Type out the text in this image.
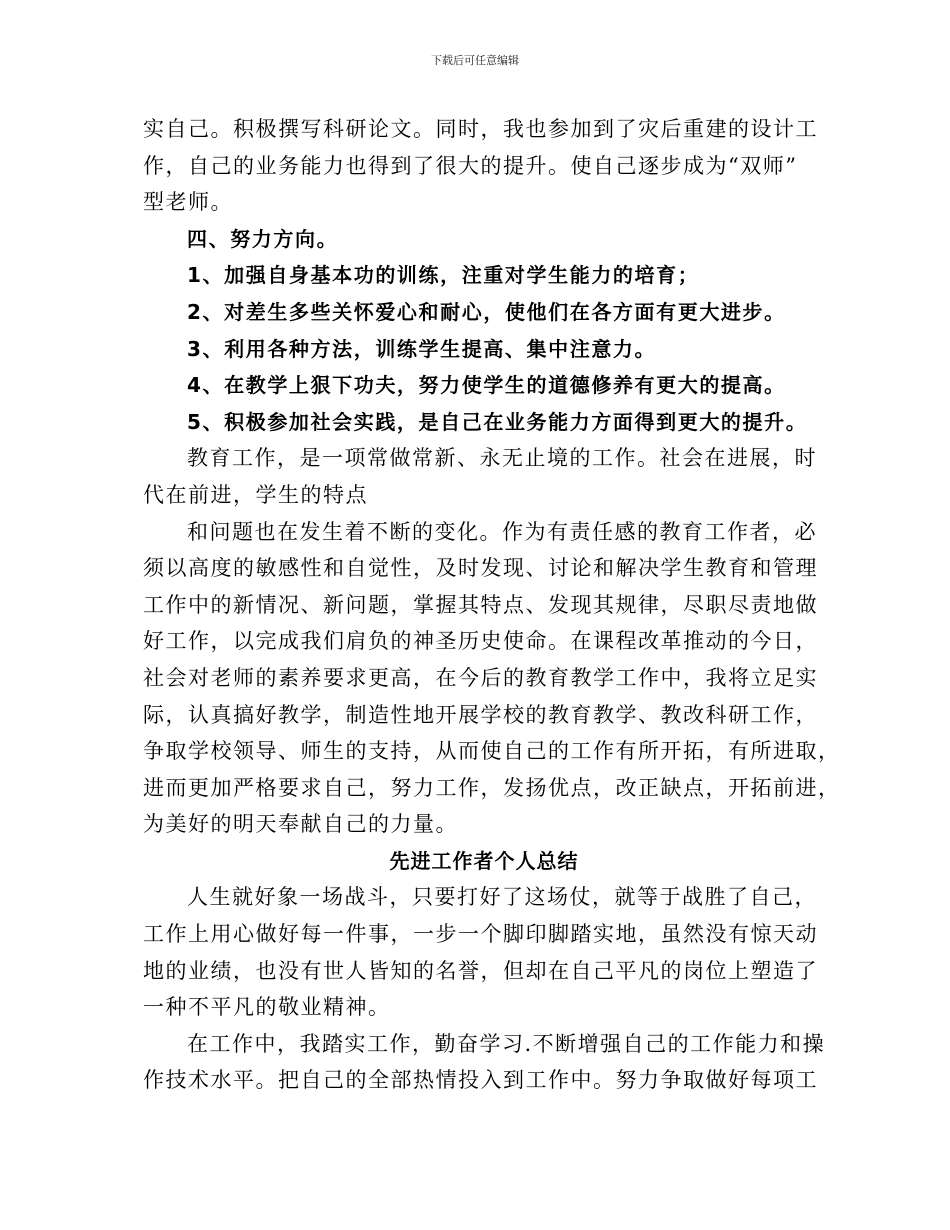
下载后可任意编辑

实自己。积极撰写科研论文。同时，我也参加到了灾后重建的设计工

作，自己的业务能力也得到了很大的提升。使自己逐步成为“双师”

型老师。

四、努力方向。

1、加强自身基本功的训练，注重对学生能力的培育；

2、对差生多些关怀爱心和耐心，使他们在各方面有更大进步。

3、利用各种方法，训练学生提高、集中注意力。

4、在教学上狠下功夫，努力使学生的道德修养有更大的提高。

5、积极参加社会实践，是自己在业务能力方面得到更大的提升。

教育工作，是一项常做常新、永无止境的工作。社会在进展，时

代在前进，学生的特点

和问题也在发生着不断的变化。作为有责任感的教育工作者，必

须以高度的敏感性和自觉性，及时发现、讨论和解决学生教育和管理

工作中的新情况、新问题，掌握其特点、发现其规律，尽职尽责地做

好工作，以完成我们肩负的神圣历史使命。在课程改革推动的今日，

社会对老师的素养要求更高，在今后的教育教学工作中，我将立足实

际，认真搞好教学，制造性地开展学校的教育教学、教改科研工作，

争取学校领导、师生的支持，从而使自己的工作有所开拓，有所进取，

进而更加严格要求自己，努力工作，发扬优点，改正缺点，开拓前进，

为美好的明天奉献自己的力量。

先进工作者个人总结

人生就好象一场战斗，只要打好了这场仗，就等于战胜了自己，

工作上用心做好每一件事，一步一个脚印脚踏实地，虽然没有惊天动

地的业绩，也没有世人皆知的名誉，但却在自己平凡的岗位上塑造了

一种不平凡的敬业精神。

在工作中，我踏实工作，勤奋学习.不断增强自己的工作能力和操

作技术水平。把自己的全部热情投入到工作中。努力争取做好每项工
